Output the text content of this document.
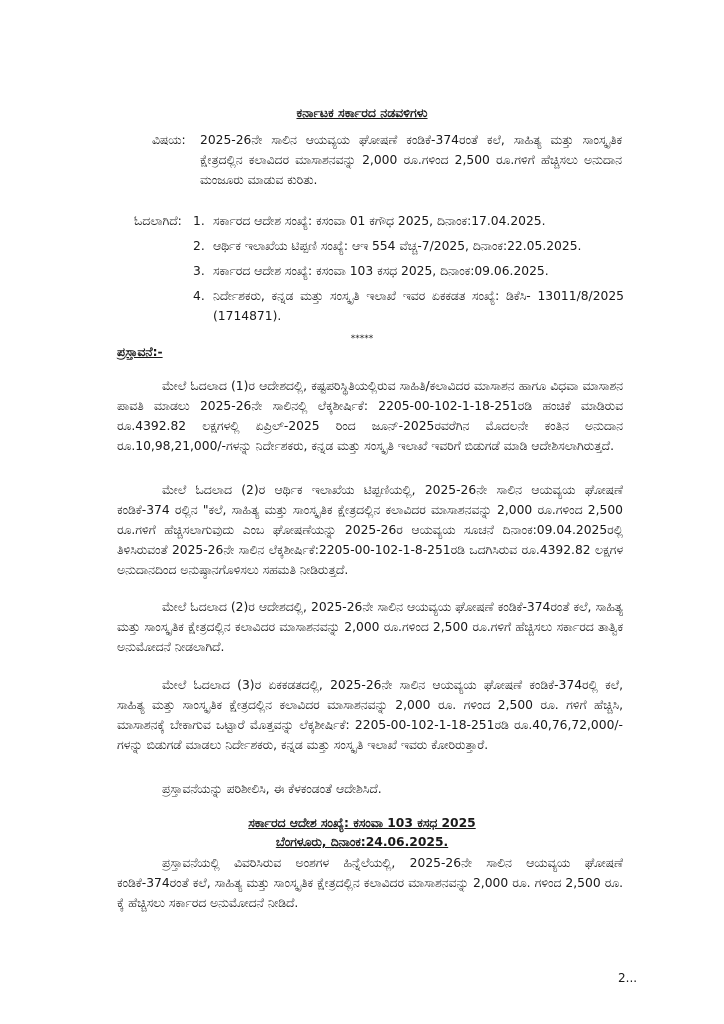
ಕರ್ನಾಟಕ ಸರ್ಕಾರದ ನಡವಳಿಗಳು
ವಿಷಯ: 2025-26ನೇ ಸಾಲಿನ ಆಯವ್ಯಯ ಘೋಷಣೆ ಕಂಡಿಕೆ-374ರಂತೆ ಕಲೆ, ಸಾಹಿತ್ಯ ಮತ್ತು ಸಾಂಸ್ಕೃತಿಕ ಕ್ಷೇತ್ರದಲ್ಲಿನ ಕಲಾವಿದರ ಮಾಸಾಶನವನ್ನು 2,000 ರೂ.ಗಳಿಂದ 2,500 ರೂ.ಗಳಿಗೆ ಹೆಚ್ಚಿಸಲು ಅನುದಾನ ಮಂಜೂರು ಮಾಡುವ ಕುರಿತು.
ಓದಲಾಗಿದೆ: 1. ಸರ್ಕಾರದ ಆದೇಶ ಸಂಖ್ಯೆ: ಕಸಂವಾ 01 ಕಗೌಧ 2025, ದಿನಾಂಕ:17.04.2025.
2. ಆರ್ಥಿಕ ಇಲಾಖೆಯ ಟಿಪ್ಪಣಿ ಸಂಖ್ಯೆ: ಆಇ 554 ವೆಚ್ಚ-7/2025, ದಿನಾಂಕ:22.05.2025.
3. ಸರ್ಕಾರದ ಆದೇಶ ಸಂಖ್ಯೆ: ಕಸಂವಾ 103 ಕಸಧ 2025, ದಿನಾಂಕ:09.06.2025.
4. ನಿರ್ದೇಶಕರು, ಕನ್ನಡ ಮತ್ತು ಸಂಸ್ಕೃತಿ ಇಲಾಖೆ ಇವರ ಏಕಕಡತ ಸಂಖ್ಯೆ: ಡಿಕೆಸಿ- 13011/8/2025 (1714871).
*****
ಪ್ರಸ್ತಾವನೆ:-
ಮೇಲೆ ಓದಲಾದ (1)ರ ಆದೇಶದಲ್ಲಿ, ಕಷ್ಟಪರಿಸ್ಥಿತಿಯಲ್ಲಿರುವ ಸಾಹಿತಿ/ಕಲಾವಿದರ ಮಾಸಾಶನ ಹಾಗೂ ವಿಧವಾ ಮಾಸಾಶನ ಪಾವತಿ ಮಾಡಲು 2025-26ನೇ ಸಾಲಿನಲ್ಲಿ ಲೆಕ್ಕಶೀರ್ಷಿಕೆ: 2205-00-102-1-18-251ರಡಿ ಹಂಚಿಕೆ ಮಾಡಿರುವ ರೂ.4392.82 ಲಕ್ಷಗಳಲ್ಲಿ ಏಪ್ರಿಲ್-2025 ರಿಂದ ಜೂನ್-2025ರವರೆಗಿನ ಮೊದಲನೇ ಕಂತಿನ ಅನುದಾನ ರೂ.10,98,21,000/-ಗಳನ್ನು ನಿರ್ದೇಶಕರು, ಕನ್ನಡ ಮತ್ತು ಸಂಸ್ಕೃತಿ ಇಲಾಖೆ ಇವರಿಗೆ ಬಿಡುಗಡೆ ಮಾಡಿ ಆದೇಶಿಸಲಾಗಿರುತ್ತದೆ.
ಮೇಲೆ ಓದಲಾದ (2)ರ ಆರ್ಥಿಕ ಇಲಾಖೆಯ ಟಿಪ್ಪಣಿಯಲ್ಲಿ, 2025-26ನೇ ಸಾಲಿನ ಆಯವ್ಯಯ ಘೋಷಣೆ ಕಂಡಿಕೆ-374 ರಲ್ಲಿನ "ಕಲೆ, ಸಾಹಿತ್ಯ ಮತ್ತು ಸಾಂಸ್ಕೃತಿಕ ಕ್ಷೇತ್ರದಲ್ಲಿನ ಕಲಾವಿದರ ಮಾಸಾಶನವನ್ನು 2,000 ರೂ.ಗಳಿಂದ 2,500 ರೂ.ಗಳಿಗೆ ಹೆಚ್ಚಿಸಲಾಗುವುದು ಎಂಬ ಘೋಷಣೆಯನ್ನು 2025-26ರ ಆಯವ್ಯಯ ಸೂಚನೆ ದಿನಾಂಕ:09.04.2025ರಲ್ಲಿ ತಿಳಿಸಿರುವಂತೆ 2025-26ನೇ ಸಾಲಿನ ಲೆಕ್ಕಶೀರ್ಷಿಕೆ:2205-00-102-1-8-251ರಡಿ ಒದಗಿಸಿರುವ ರೂ.4392.82 ಲಕ್ಷಗಳ ಅನುದಾನದಿಂದ ಅನುಷ್ಠಾನಗೊಳಿಸಲು ಸಹಮತಿ ನೀಡಿರುತ್ತದೆ.
ಮೇಲೆ ಓದಲಾದ (2)ರ ಆದೇಶದಲ್ಲಿ, 2025-26ನೇ ಸಾಲಿನ ಆಯವ್ಯಯ ಘೋಷಣೆ ಕಂಡಿಕೆ-374ರಂತೆ ಕಲೆ, ಸಾಹಿತ್ಯ ಮತ್ತು ಸಾಂಸ್ಕೃತಿಕ ಕ್ಷೇತ್ರದಲ್ಲಿನ ಕಲಾವಿದರ ಮಾಸಾಶನವನ್ನು 2,000 ರೂ.ಗಳಿಂದ 2,500 ರೂ.ಗಳಿಗೆ ಹೆಚ್ಚಿಸಲು ಸರ್ಕಾರದ ತಾತ್ವಿಕ ಅನುಮೋದನೆ ನೀಡಲಾಗಿದೆ.
ಮೇಲೆ ಓದಲಾದ (3)ರ ಏಕಕಡತದಲ್ಲಿ, 2025-26ನೇ ಸಾಲಿನ ಆಯವ್ಯಯ ಘೋಷಣೆ ಕಂಡಿಕೆ-374ರಲ್ಲಿ ಕಲೆ, ಸಾಹಿತ್ಯ ಮತ್ತು ಸಾಂಸ್ಕೃತಿಕ ಕ್ಷೇತ್ರದಲ್ಲಿನ ಕಲಾವಿದರ ಮಾಸಾಶನವನ್ನು 2,000 ರೂ. ಗಳಿಂದ 2,500 ರೂ. ಗಳಿಗೆ ಹೆಚ್ಚಿಸಿ, ಮಾಸಾಶನಕ್ಕೆ ಬೇಕಾಗುವ ಒಟ್ಟಾರೆ ಮೊತ್ತವನ್ನು ಲೆಕ್ಕಶೀರ್ಷಿಕೆ: 2205-00-102-1-18-251ರಡಿ ರೂ.40,76,72,000/-ಗಳನ್ನು ಬಿಡುಗಡೆ ಮಾಡಲು ನಿರ್ದೇಶಕರು, ಕನ್ನಡ ಮತ್ತು ಸಂಸ್ಕೃತಿ ಇಲಾಖೆ ಇವರು ಕೋರಿರುತ್ತಾರೆ.
ಪ್ರಸ್ತಾವನೆಯನ್ನು ಪರಿಶೀಲಿಸಿ, ಈ ಕೆಳಕಂಡಂತೆ ಆದೇಶಿಸಿದೆ.
ಸರ್ಕಾರದ ಆದೇಶ ಸಂಖ್ಯೆ: ಕಸಂವಾ 103 ಕಸಧ 2025
ಬೆಂಗಳೂರು, ದಿನಾಂಕ:24.06.2025.
ಪ್ರಸ್ತಾವನೆಯಲ್ಲಿ ವಿವರಿಸಿರುವ ಅಂಶಗಳ ಹಿನ್ನೆಲೆಯಲ್ಲಿ, 2025-26ನೇ ಸಾಲಿನ ಆಯವ್ಯಯ ಘೋಷಣೆ ಕಂಡಿಕೆ-374ರಂತೆ ಕಲೆ, ಸಾಹಿತ್ಯ ಮತ್ತು ಸಾಂಸ್ಕೃತಿಕ ಕ್ಷೇತ್ರದಲ್ಲಿನ ಕಲಾವಿದರ ಮಾಸಾಶನವನ್ನು 2,000 ರೂ. ಗಳಿಂದ 2,500 ರೂ. ಕ್ಕೆ ಹೆಚ್ಚಿಸಲು ಸರ್ಕಾರದ ಅನುಮೋದನೆ ನೀಡಿದೆ.
2...
